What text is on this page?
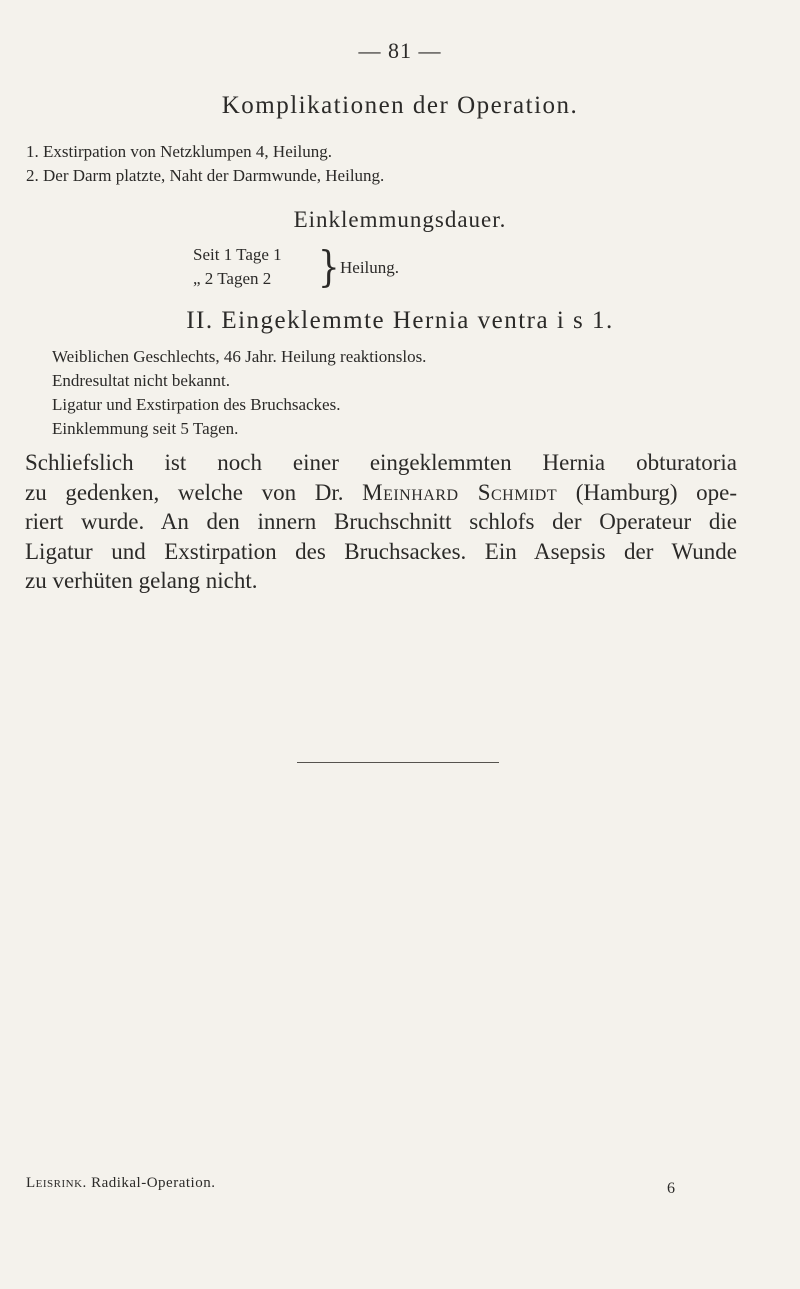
— 81 —
Komplikationen der Operation.
1. Exstirpation von Netzklumpen 4, Heilung.
2. Der Darm platzte, Naht der Darmwunde, Heilung.
Einklemmungsdauer.
Seit 1 Tage 1
„ 2 Tagen 2 } Heilung.
II. Eingeklemmte Hernia ventra i s 1.
Weiblichen Geschlechts, 46 Jahr. Heilung reaktionslos.
Endresultat nicht bekannt.
Ligatur und Exstirpation des Bruchsackes.
Einklemmung seit 5 Tagen.
Schliefslich ist noch einer eingeklemmten Hernia obturatoria
zu gedenken, welche von Dr. Meinhard Schmidt (Hamburg) ope-
riert wurde. An den innern Bruchschnitt schlofs der Operateur die
Ligatur und Exstirpation des Bruchsackes. Ein Asepsis der Wunde
zu verhüten gelang nicht.
Leisrink. Radikal-Operation.	6
